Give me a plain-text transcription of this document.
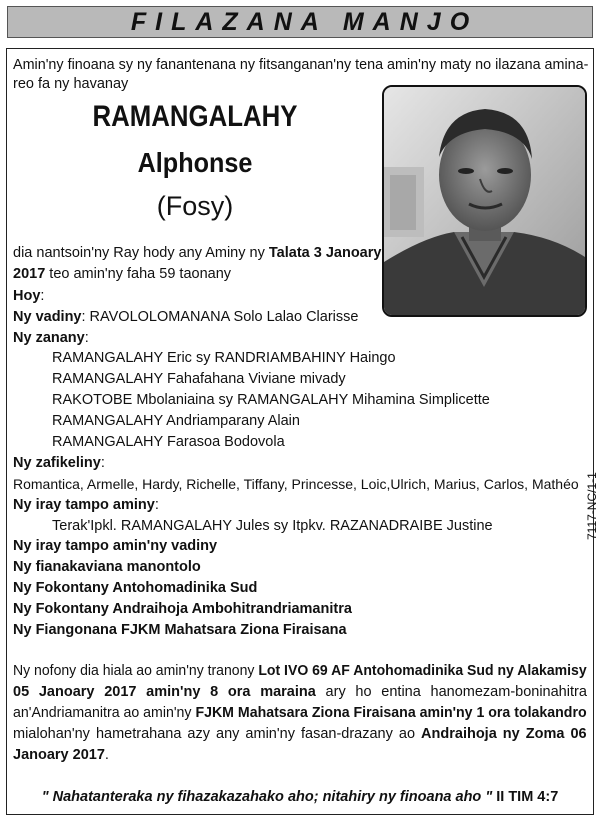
FILAZANA MANJO
Amin'ny finoana sy ny fanantenana ny fitsanganan'ny tena amin'ny maty no ilazana amina-
reo fa ny havanay
RAMANGALAHY
Alphonse
(Fosy)
dia nantsoin'ny Ray hody any Aminy ny Talata 3 Janoary
2017 teo amin'ny faha 59 taonany
Hoy:
Ny vadiny: RAVOLOLOMANANA Solo Lalao Clarisse
Ny zanany:
RAMANGALAHY Eric sy RANDRIAMBAHINY Haingo
RAMANGALAHY Fahafahana Viviane mivady
RAKOTOBE Mbolaniaina sy RAMANGALAHY Mihamina Simplicette
RAMANGALAHY Andriamparany Alain
RAMANGALAHY Farasoa Bodovola
Ny zafikeliny:
Romantica, Armelle, Hardy, Richelle, Tiffany, Princesse, Loic,Ulrich, Marius, Carlos, Mathéo
Ny iray tampo aminy:
Terak'Ipkl. RAMANGALAHY Jules sy Itpkv. RAZANADRAIBE Justine
Ny iray tampo amin'ny vadiny
Ny fianakaviana manontolo
Ny Fokontany Antohomadinika Sud
Ny Fokontany Andraihoja Ambohitrandriamanitra
Ny Fiangonana FJKM Mahatsara Ziona Firaisana
7117-NC/1-1
Ny nofony dia hiala ao amin'ny tranony Lot IVO 69 AF Antohomadinika Sud ny Alakamisy
05 Janoary 2017 amin'ny 8 ora maraina ary ho entina hanomezam-boninahitra
an'Andriamanitra ao amin'ny FJKM Mahatsara Ziona Firaisana amin'ny 1 ora tolakandro
mialohan'ny hametrahana azy any amin'ny fasan-drazany ao Andraihoja ny Zoma 06
Janoary 2017.
" Nahatanteraka ny fihazakazahako aho; nitahiry ny finoana aho " II TIM 4:7
